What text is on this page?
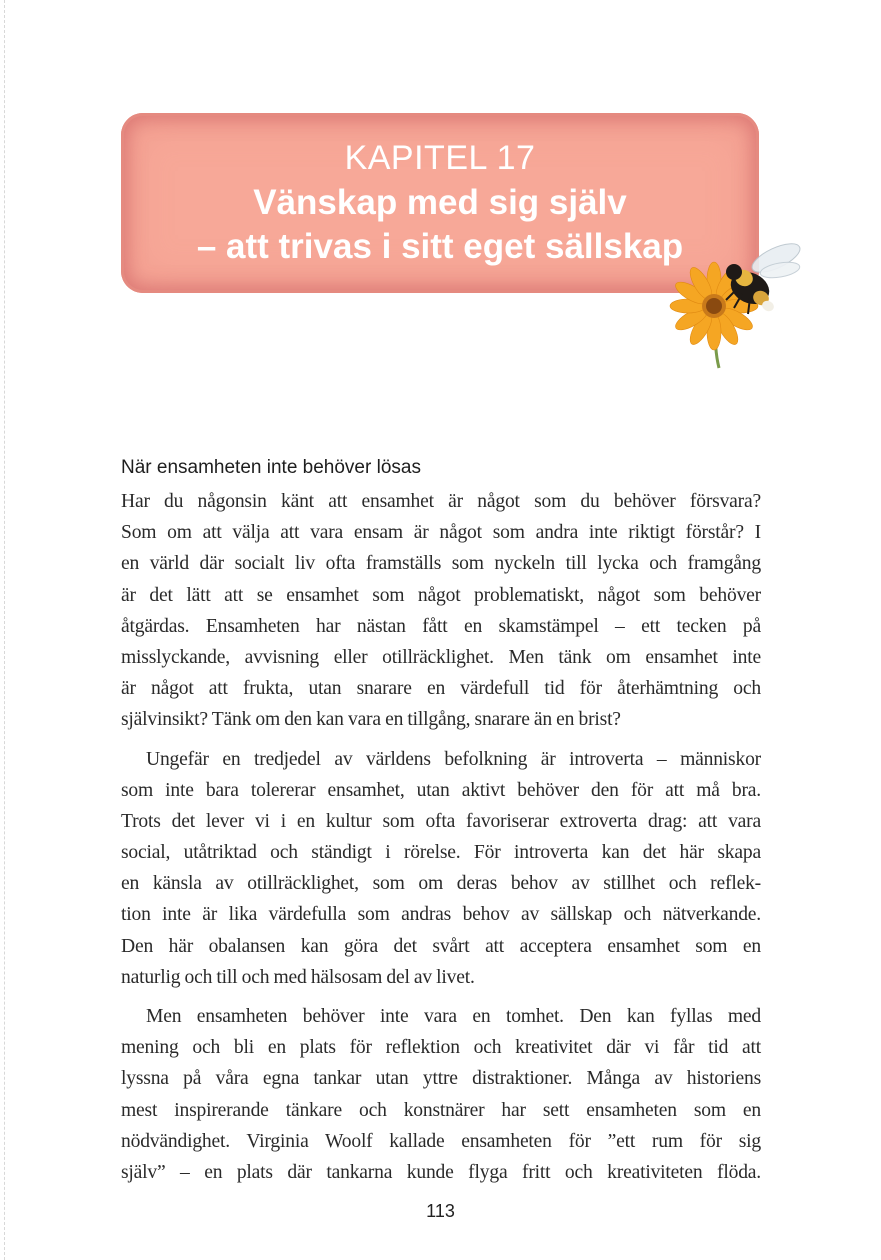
KAPITEL 17
Vänskap med sig själv
– att trivas i sitt eget sällskap
När ensamheten inte behöver lösas
Har du någonsin känt att ensamhet är något som du behöver försvara?
Som om att välja att vara ensam är något som andra inte riktigt förstår? I
en värld där socialt liv ofta framställs som nyckeln till lycka och framgång
är det lätt att se ensamhet som något problematiskt, något som behöver
åtgärdas. Ensamheten har nästan fått en skamstämpel – ett tecken på
misslyckande, avvisning eller otillräcklighet. Men tänk om ensamhet inte
är något att frukta, utan snarare en värdefull tid för återhämtning och
självinsikt? Tänk om den kan vara en tillgång, snarare än en brist?
Ungefär en tredjedel av världens befolkning är introverta – människor
som inte bara tolererar ensamhet, utan aktivt behöver den för att må bra.
Trots det lever vi i en kultur som ofta favoriserar extroverta drag: att vara
social, utåtriktad och ständigt i rörelse. För introverta kan det här skapa
en känsla av otillräcklighet, som om deras behov av stillhet och reflek-
tion inte är lika värdefulla som andras behov av sällskap och nätverkande.
Den här obalansen kan göra det svårt att acceptera ensamhet som en
naturlig och till och med hälsosam del av livet.
Men ensamheten behöver inte vara en tomhet. Den kan fyllas med
mening och bli en plats för reflektion och kreativitet där vi får tid att
lyssna på våra egna tankar utan yttre distraktioner. Många av historiens
mest inspirerande tänkare och konstnärer har sett ensamheten som en
nödvändighet. Virginia Woolf kallade ensamheten för ”ett rum för sig
själv” – en plats där tankarna kunde flyga fritt och kreativiteten flöda.
113
